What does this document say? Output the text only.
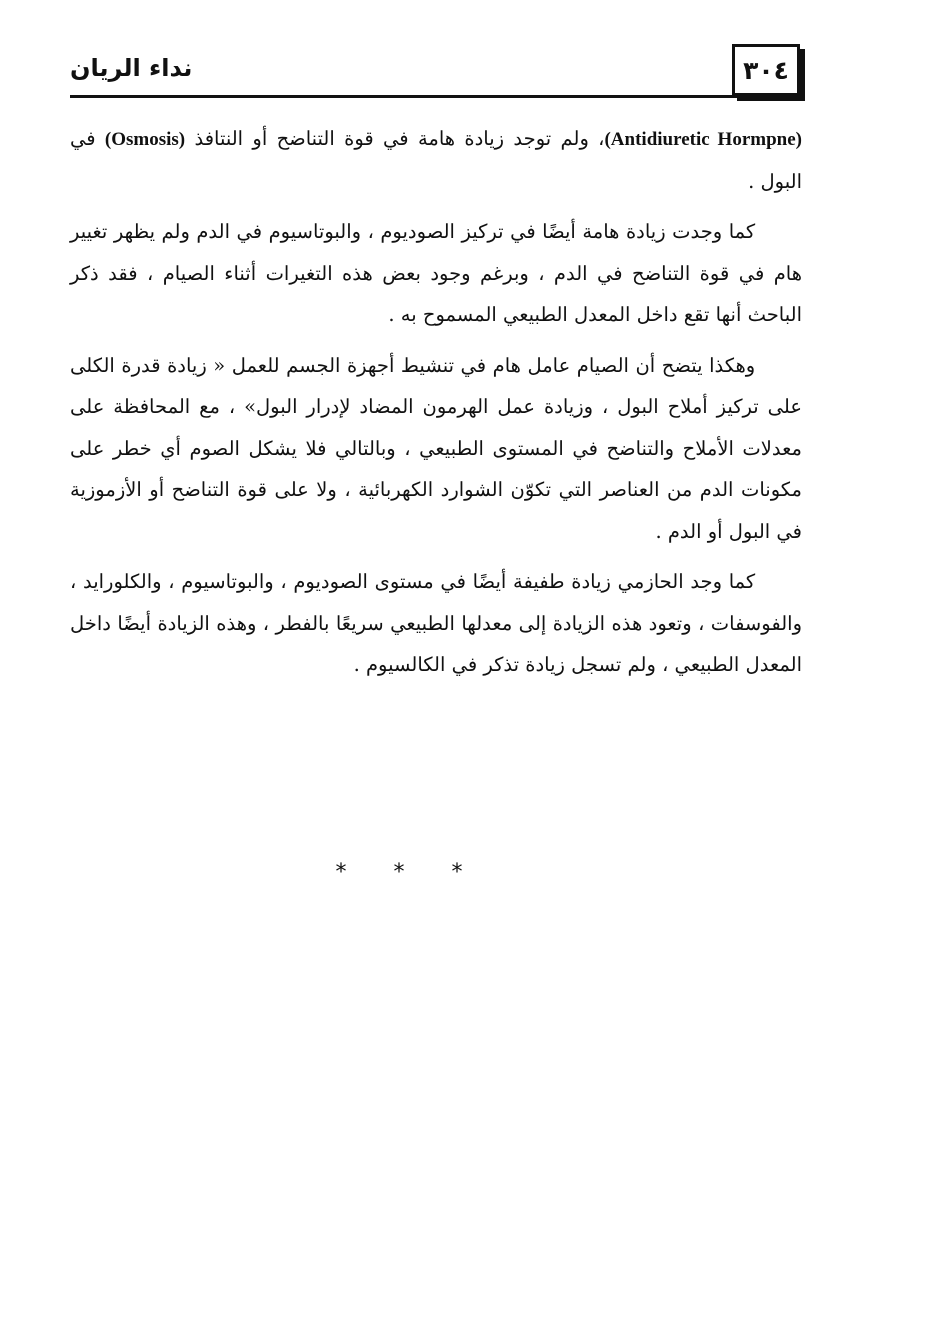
٣٠٤
نداء الريان

(Antidiuretic Hormpne)، ولم توجد زيادة هامة في قوة التناضح أو النتافذ (Osmosis) في البول .

كما وجدت زيادة هامة أيضًا في تركيز الصوديوم ، والبوتاسيوم في الدم ولم يظهر تغيير هام في قوة التناضح في الدم ، وبرغم وجود بعض هذه التغيرات أثناء الصيام ، فقد ذكر الباحث أنها تقع داخل المعدل الطبيعي المسموح به .

وهكذا يتضح أن الصيام عامل هام في تنشيط أجهزة الجسم للعمل « زيادة قدرة الكلى على تركيز أملاح البول ، وزيادة عمل الهرمون المضاد لإدرار البول» ، مع المحافظة على معدلات الأملاح والتناضح في المستوى الطبيعي ، وبالتالي فلا يشكل الصوم أي خطر على مكونات الدم من العناصر التي تكوّن الشوارد الكهربائية ، ولا على قوة التناضح أو الأزموزية في البول أو الدم .

كما وجد الحازمي زيادة طفيفة أيضًا في مستوى الصوديوم ، والبوتاسيوم ، والكلورايد ، والفوسفات ، وتعود هذه الزيادة إلى معدلها الطبيعي سريعًا بالفطر ، وهذه الزيادة أيضًا داخل المعدل الطبيعي ، ولم تسجل زيادة تذكر في الكالسيوم .

* * *
